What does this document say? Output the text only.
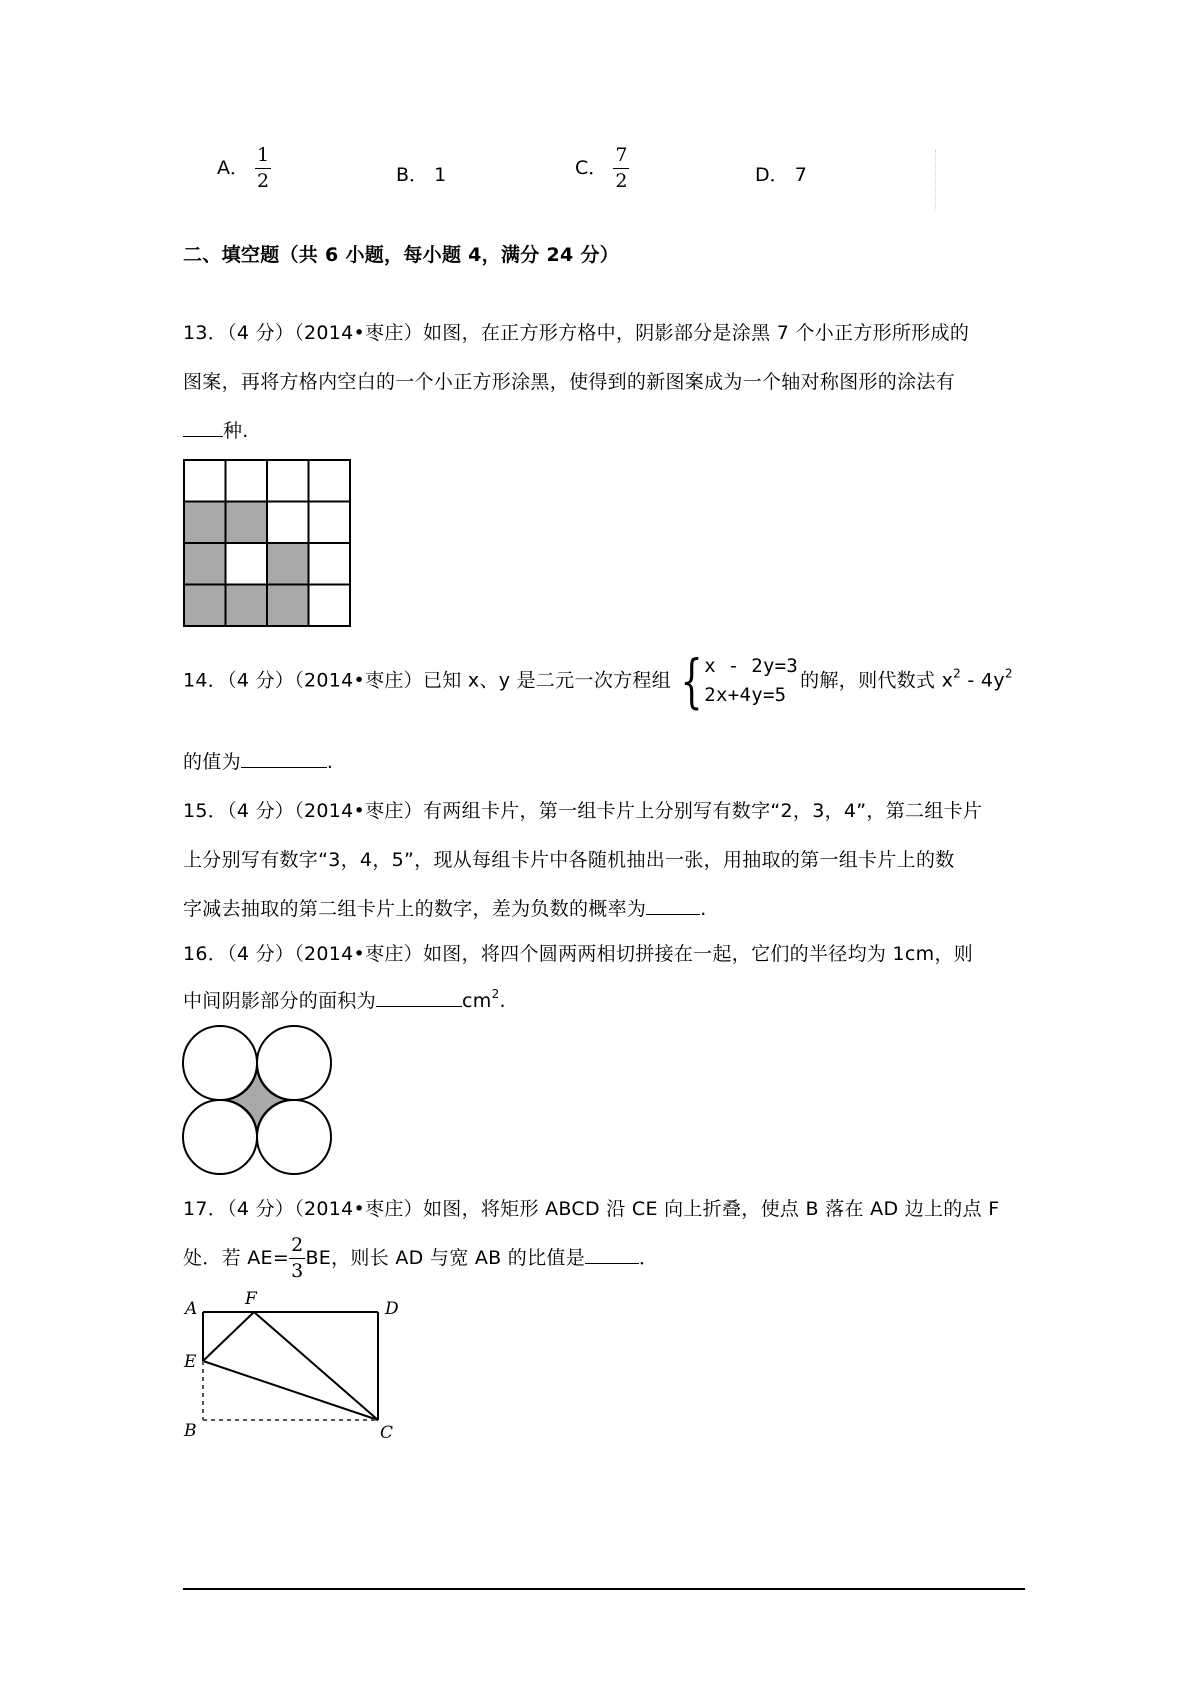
A． $\frac{1}{2}$	B． 1	C． $\frac{7}{2}$	D． 7
二、填空题（共 6 小题，每小题 4，满分 24 分）
13．（4 分）（2014•枣庄）如图，在正方形方格中，阴影部分是涂黑 7 个小正方形所形成的
图案，再将方格内空白的一个小正方形涂黑，使得到的新图案成为一个轴对称图形的涂法有
种.
14．（4 分）（2014•枣庄）已知 x、y 是二元一次方程组 { x - 2y=3
2x+4y=5
的解，则代数式 $x^2 - 4y^2$
的值为	.
15．（4 分）（2014•枣庄）有两组卡片，第一组卡片上分别写有数字“2，3，4”，第二组卡片
上分别写有数字“3，4，5”，现从每组卡片中各随机抽出一张，用抽取的第一组卡片上的数
字减去抽取的第二组卡片上的数字，差为负数的概率为	.
16．（4 分）（2014•枣庄）如图，将四个圆两两相切拼接在一起，它们的半径均为 1cm，则
中间阴影部分的面积为	$cm^2$.
17．（4 分）（2014•枣庄）如图，将矩形 ABCD 沿 CE 向上折叠，使点 B 落在 AD 边上的点 F
处．若 $AE= \frac{2}{3}$ BE，则长 AD 与宽 AB 的比值是	．
A	F	D
E
B	C
